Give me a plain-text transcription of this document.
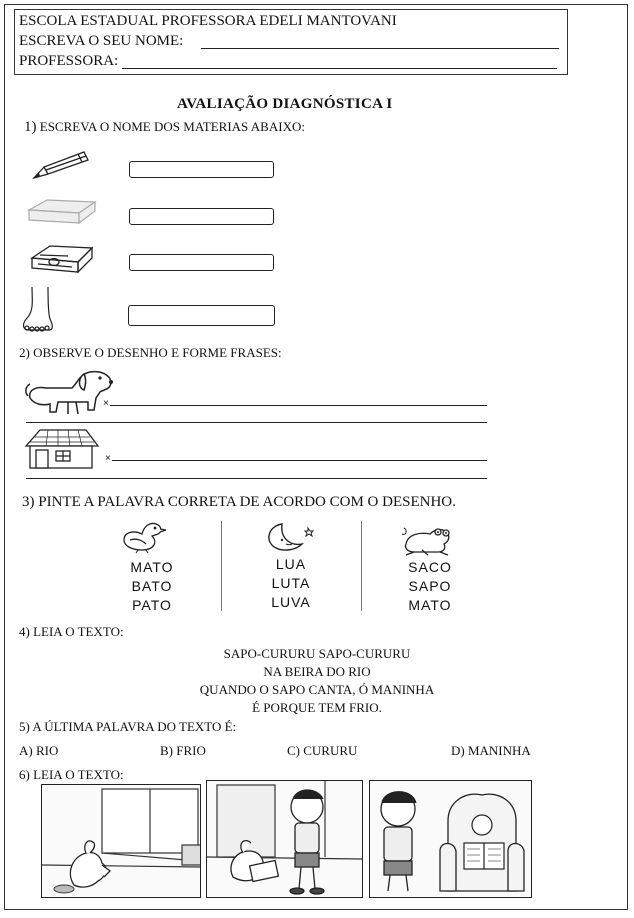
ESCOLA ESTADUAL PROFESSORA EDELI MANTOVANI
ESCREVA O SEU NOME:
PROFESSORA:
AVALIAÇÃO DIAGNÓSTICA I
1) ESCREVA O NOME DOS MATERIAS ABAIXO:
2) OBSERVE O DESENHO E FORME FRASES:
×
×
3) PINTE A PALAVRA CORRETA DE ACORDO COM O DESENHO.
MATO
BATO
PATO
LUA
LUTA
LUVA
SACO
SAPO
MATO
4) LEIA O TEXTO:
SAPO-CURURU SAPO-CURURU
NA BEIRA DO RIO
QUANDO O SAPO CANTA, Ó MANINHA
É PORQUE TEM FRIO.
5) A ÚLTIMA PALAVRA DO TEXTO É:
A) RIO	B) FRIO	C) CURURU	D) MANINHA
6) LEIA O TEXTO:
